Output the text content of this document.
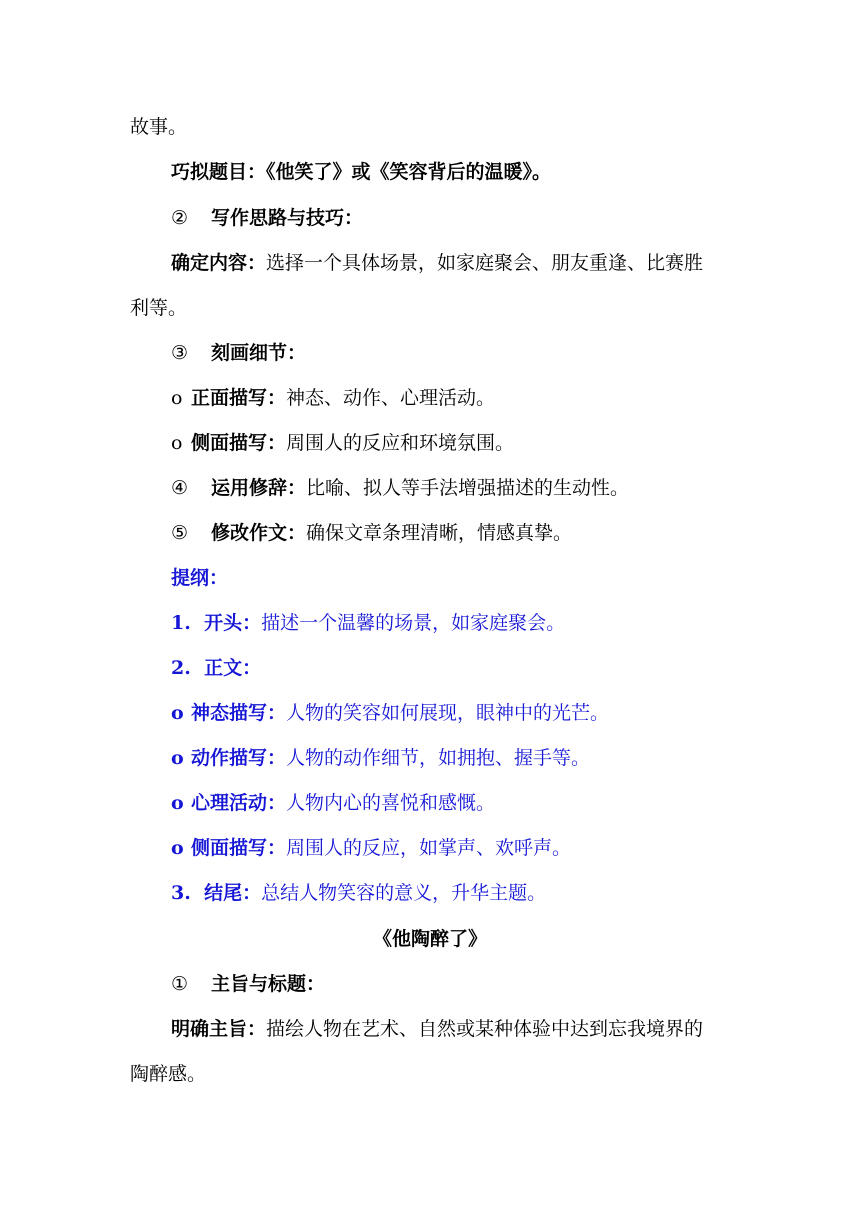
故事。
巧拟题目：《他笑了》或《笑容背后的温暖》。
② 写作思路与技巧：
确定内容：选择一个具体场景，如家庭聚会、朋友重逢、比赛胜
利等。
③ 刻画细节：
o 正面描写：神态、动作、心理活动。
o 侧面描写：周围人的反应和环境氛围。
④ 运用修辞：比喻、拟人等手法增强描述的生动性。
⑤ 修改作文：确保文章条理清晰，情感真挚。
提纲：
1.  开头：描述一个温馨的场景，如家庭聚会。
2.  正文：
o 神态描写：人物的笑容如何展现，眼神中的光芒。
o 动作描写：人物的动作细节，如拥抱、握手等。
o 心理活动：人物内心的喜悦和感慨。
o 侧面描写：周围人的反应，如掌声、欢呼声。
3.  结尾：总结人物笑容的意义，升华主题。
《他陶醉了》
① 主旨与标题：
明确主旨：描绘人物在艺术、自然或某种体验中达到忘我境界的
陶醉感。
